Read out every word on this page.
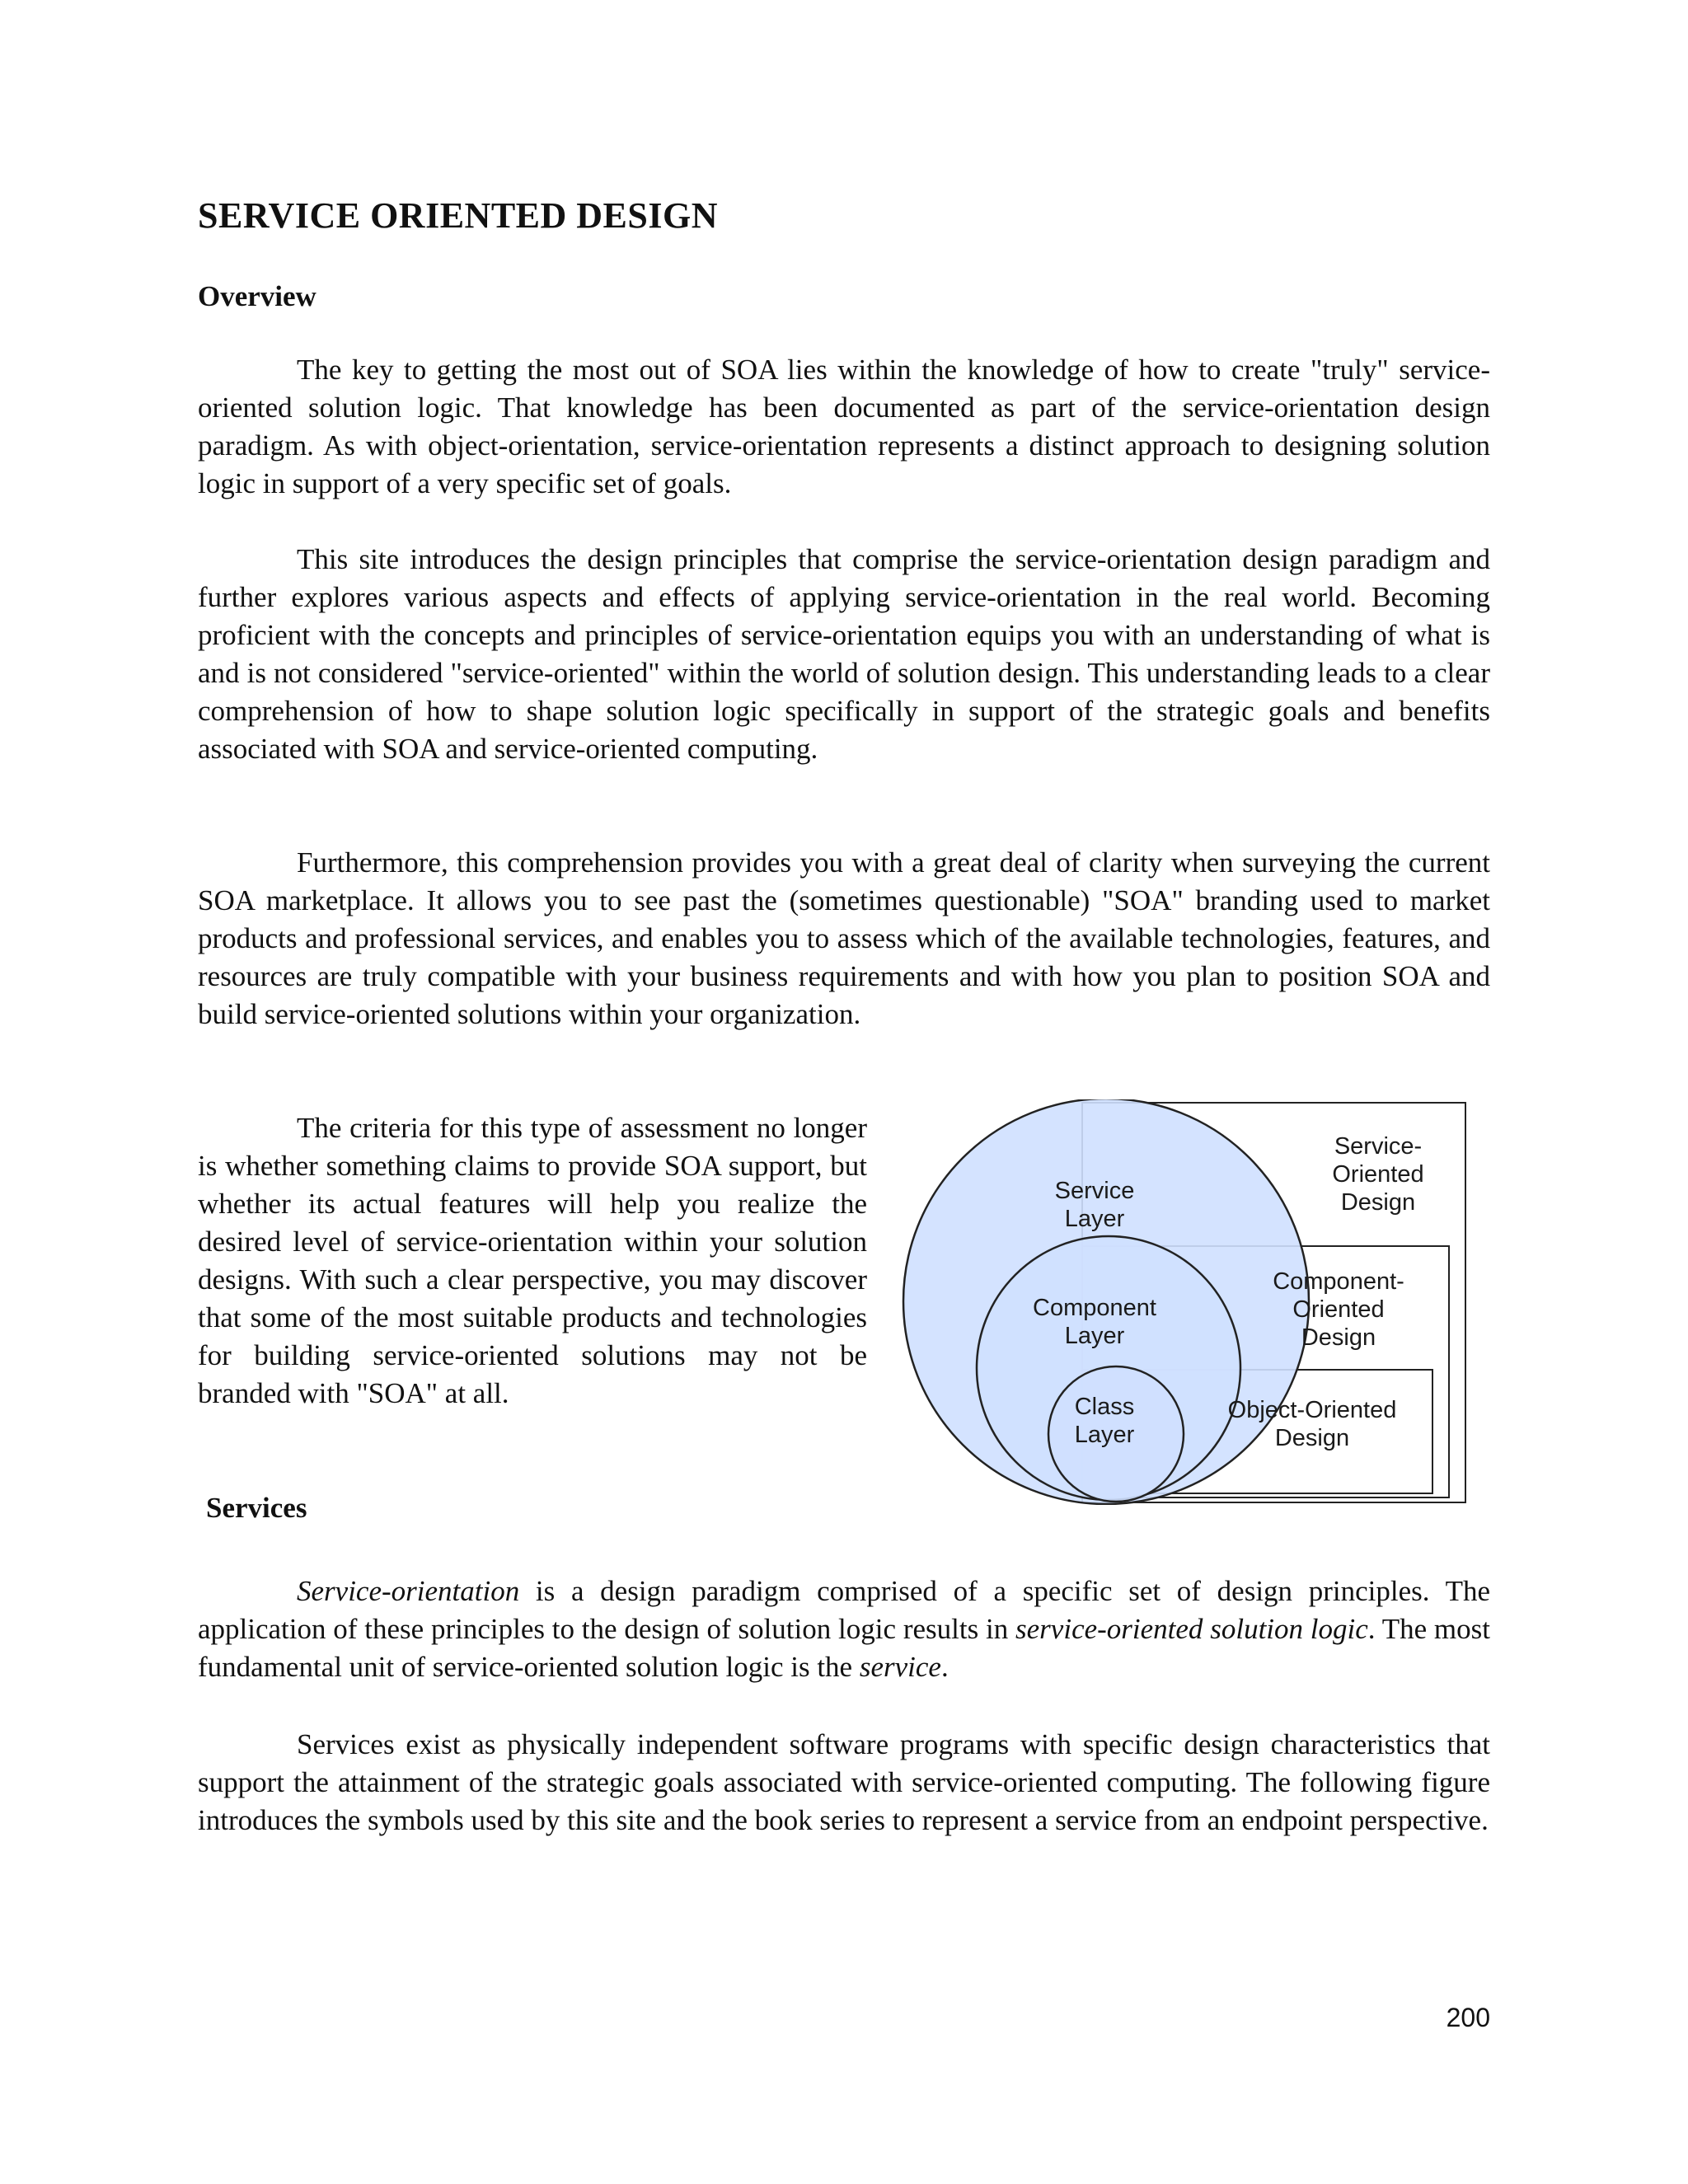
SERVICE ORIENTED DESIGN
Overview

The key to getting the most out of SOA lies within the knowledge of how to create "truly" service-oriented solution logic. That knowledge has been documented as part of the service-orientation design paradigm. As with object-orientation, service-orientation represents a distinct approach to designing solution logic in support of a very specific set of goals.

This site introduces the design principles that comprise the service-orientation design paradigm and further explores various aspects and effects of applying service-orientation in the real world. Becoming proficient with the concepts and principles of service-orientation equips you with an understanding of what is and is not considered "service-oriented" within the world of solution design. This understanding leads to a clear comprehension of how to shape solution logic specifically in support of the strategic goals and benefits associated with SOA and service-oriented computing.

Furthermore, this comprehension provides you with a great deal of clarity when surveying the current SOA marketplace. It allows you to see past the (sometimes questionable) "SOA" branding used to market products and professional services, and enables you to assess which of the available technologies, features, and resources are truly compatible with your business requirements and with how you plan to position SOA and build service-oriented solutions within your organization.

The criteria for this type of assessment no longer is whether something claims to provide SOA support, but whether its actual features will help you realize the desired level of service-orientation within your solution designs. With such a clear perspective, you may discover that some of the most suitable products and technologies for building service-oriented solutions may not be branded with "SOA" at all.

Service
Layer
Component
Layer
Class
Layer
Service-
Oriented
Design
Component-
Oriented
Design
Object-Oriented
Design
Services

Service-orientation is a design paradigm comprised of a specific set of design principles. The application of these principles to the design of solution logic results in service-oriented solution logic. The most fundamental unit of service-oriented solution logic is the service.

Services exist as physically independent software programs with specific design characteristics that support the attainment of the strategic goals associated with service-oriented computing. The following figure introduces the symbols used by this site and the book series to represent a service from an endpoint perspective.

200
